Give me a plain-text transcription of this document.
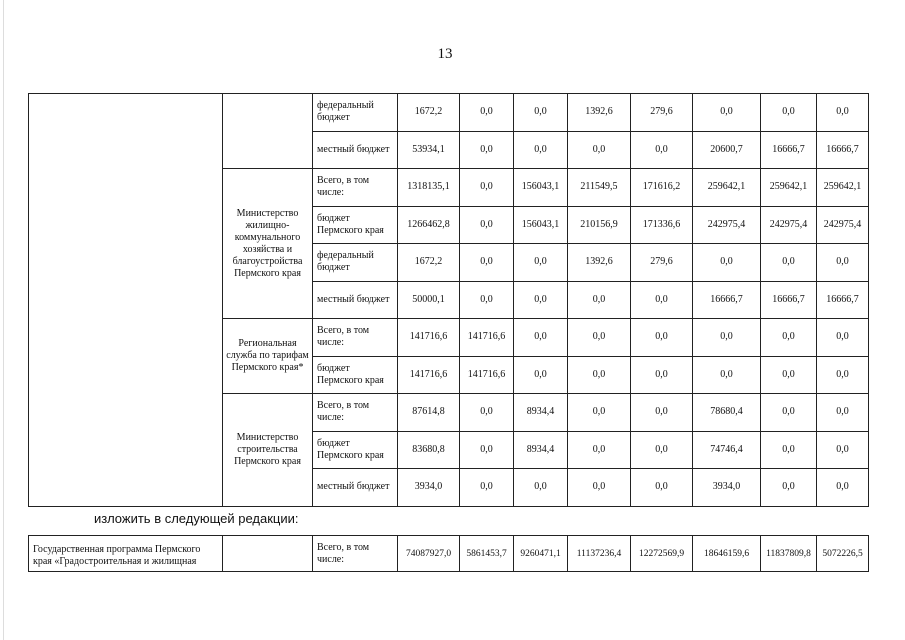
13
		федеральный бюджет	1672,2	0,0	0,0	1392,6	279,6	0,0	0,0	0,0
		местный бюджет	53934,1	0,0	0,0	0,0	0,0	20600,7	16666,7	16666,7
	Министерство жилищно-коммунального хозяйства и благоустройства Пермского края	Всего, в том числе:	1318135,1	0,0	156043,1	211549,5	171616,2	259642,1	259642,1	259642,1
		бюджет Пермского края	1266462,8	0,0	156043,1	210156,9	171336,6	242975,4	242975,4	242975,4
		федеральный бюджет	1672,2	0,0	0,0	1392,6	279,6	0,0	0,0	0,0
		местный бюджет	50000,1	0,0	0,0	0,0	0,0	16666,7	16666,7	16666,7
	Региональная служба по тарифам Пермского края*	Всего, в том числе:	141716,6	141716,6	0,0	0,0	0,0	0,0	0,0	0,0
		бюджет Пермского края	141716,6	141716,6	0,0	0,0	0,0	0,0	0,0	0,0
	Министерство строительства Пермского края	Всего, в том числе:	87614,8	0,0	8934,4	0,0	0,0	78680,4	0,0	0,0
		бюджет Пермского края	83680,8	0,0	8934,4	0,0	0,0	74746,4	0,0	0,0
		местный бюджет	3934,0	0,0	0,0	0,0	0,0	3934,0	0,0	0,0
изложить в следующей редакции:
Государственная программа Пермского края «Градостроительная и жилищная		Всего, в том числе:	74087927,0	5861453,7	9260471,1	11137236,4	12272569,9	18646159,6	11837809,8	5072226,5
